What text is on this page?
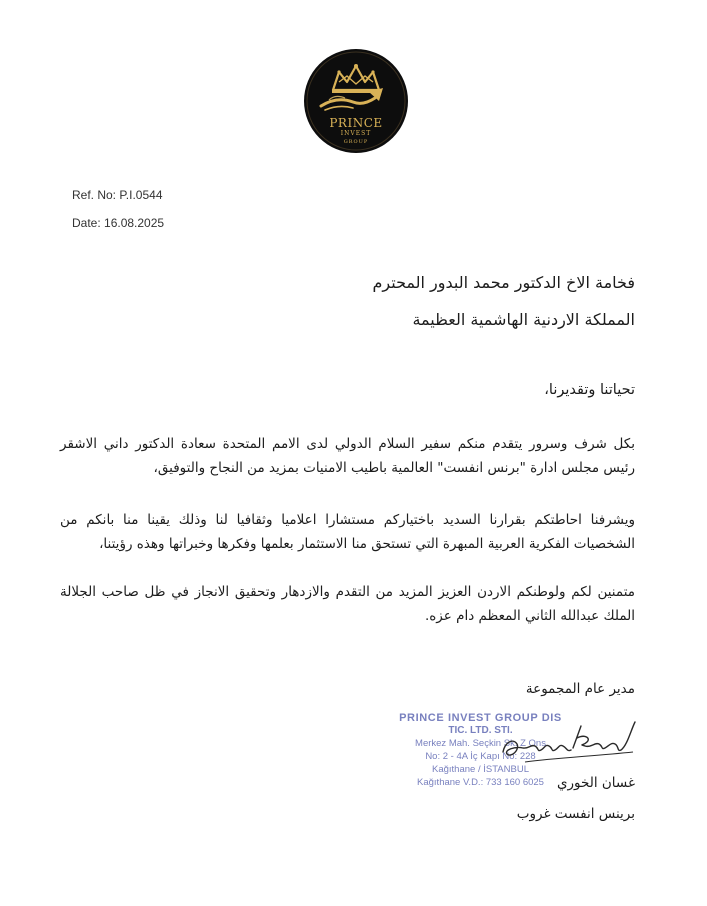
PRINCE
INVEST
GROUP
Ref. No: P.I.0544
Date: 16.08.2025
فخامة الاخ الدكتور محمد البدور المحترم
المملكة الاردنية الهاشمية العظيمة
تحياتنا وتقديرنا،
بكل شرف وسرور يتقدم منكم سفير السلام الدولي لدى الامم المتحدة سعادة الدكتور داني الاشقر رئيس مجلس ادارة "برنس انفست" العالمية باطيب الامنيات بمزيد من النجاح والتوفيق،
ويشرفنا احاطتكم بقرارنا السديد باختياركم مستشارا اعلاميا وثقافيا لنا وذلك يقينا منا بانكم من الشخصيات الفكرية العربية المبهرة التي تستحق منا الاستثمار بعلمها وفكرها وخبراتها وهذه رؤيتنا،
متمنين لكم ولوطنكم الاردن العزيز المزيد من التقدم والازدهار وتحقيق الانجاز في ظل صاحب الجلالة الملك عبدالله الثاني المعظم دام عزه.
مدير عام المجموعة
PRINCE INVEST GROUP DIS
TIC. LTD. STI.
Merkez Mah. Seçkin Sk. Z Ons
No: 2 - 4A İç Kapı No: 228
Kağıthane / İSTANBUL
Kağıthane V.D.: 733 160 6025 غسان الخوري
برينس انفست غروب
